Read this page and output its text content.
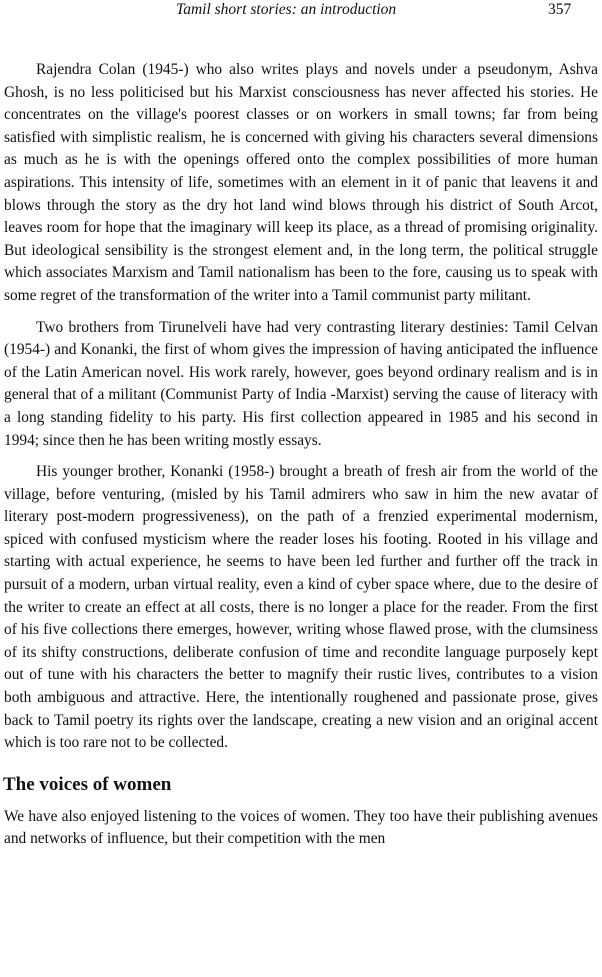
Tamil short stories: an introduction	357

Rajendra Colan (1945-) who also writes plays and novels under a pseudonym, Ashva Ghosh, is no less politicised but his Marxist consciousness has never affected his stories. He concentrates on the village's poorest classes or on workers in small towns; far from being satisfied with simplistic realism, he is concerned with giving his characters several dimensions as much as he is with the openings offered onto the complex possibilities of more human aspirations. This intensity of life, sometimes with an element in it of panic that leavens it and blows through the story as the dry hot land wind blows through his district of South Arcot, leaves room for hope that the imaginary will keep its place, as a thread of promising originality. But ideological sensibility is the strongest element and, in the long term, the political struggle which associates Marxism and Tamil nationalism has been to the fore, causing us to speak with some regret of the transformation of the writer into a Tamil communist party militant.

Two brothers from Tirunelveli have had very contrasting literary destinies: Tamil Celvan (1954-) and Konanki, the first of whom gives the impression of having anticipated the influence of the Latin American novel. His work rarely, however, goes beyond ordinary realism and is in general that of a militant (Communist Party of India -Marxist) serving the cause of literacy with a long standing fidelity to his party. His first collection appeared in 1985 and his second in 1994; since then he has been writing mostly essays.

His younger brother, Konanki (1958-) brought a breath of fresh air from the world of the village, before venturing, (misled by his Tamil admirers who saw in him the new avatar of literary post-modern progressiveness), on the path of a frenzied experimental modernism, spiced with confused mysticism where the reader loses his footing. Rooted in his village and starting with actual experience, he seems to have been led further and further off the track in pursuit of a modern, urban virtual reality, even a kind of cyber space where, due to the desire of the writer to create an effect at all costs, there is no longer a place for the reader. From the first of his five collections there emerges, however, writing whose flawed prose, with the clumsiness of its shifty constructions, deliberate confusion of time and recondite language purposely kept out of tune with his characters the better to magnify their rustic lives, contributes to a vision both ambiguous and attractive. Here, the intentionally roughened and passionate prose, gives back to Tamil poetry its rights over the landscape, creating a new vision and an original accent which is too rare not to be collected.

The voices of women

We have also enjoyed listening to the voices of women. They too have their publishing avenues and networks of influence, but their competition with the men
